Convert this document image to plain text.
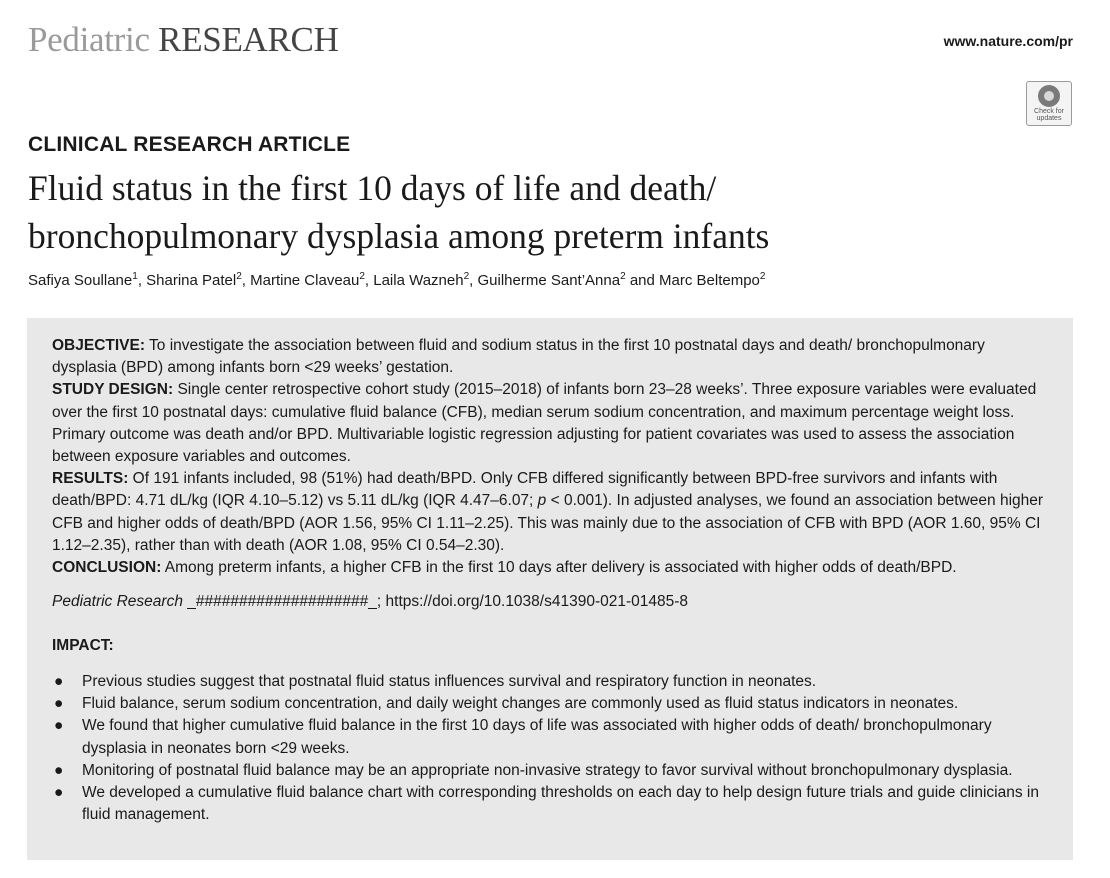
Pediatric RESEARCH	www.nature.com/pr
Check for
updates
CLINICAL RESEARCH ARTICLE
Fluid status in the first 10 days of life and death/
bronchopulmonary dysplasia among preterm infants
Safiya Soullane$^1$, Sharina Patel$^2$, Martine Claveau$^2$, Laila Wazneh$^2$, Guilherme Sant’Anna$^2$ and Marc Beltempo$^2$

OBJECTIVE: To investigate the association between fluid and sodium status in the first 10 postnatal days and death/ bronchopulmonary dysplasia (BPD) among infants born <29 weeks’ gestation.

STUDY DESIGN: Single center retrospective cohort study (2015–2018) of infants born 23–28 weeks’. Three exposure variables were evaluated over the first 10 postnatal days: cumulative fluid balance (CFB), median serum sodium concentration, and maximum percentage weight loss. Primary outcome was death and/or BPD. Multivariable logistic regression adjusting for patient covariates was used to assess the association between exposure variables and outcomes.

RESULTS: Of 191 infants included, 98 (51%) had death/BPD. Only CFB differed significantly between BPD-free survivors and infants with death/BPD: 4.71 dL/kg (IQR 4.10–5.12) vs 5.11 dL/kg (IQR 4.47–6.07; p < 0.001). In adjusted analyses, we found an association between higher CFB and higher odds of death/BPD (AOR 1.56, 95% CI 1.11–2.25). This was mainly due to the association of CFB with BPD (AOR 1.60, 95% CI 1.12–2.35), rather than with death (AOR 1.08, 95% CI 0.54–2.30).

CONCLUSION: Among preterm infants, a higher CFB in the first 10 days after delivery is associated with higher odds of death/BPD.

Pediatric Research _####################_; https://doi.org/10.1038/s41390-021-01485-8
IMPACT:
● Previous studies suggest that postnatal fluid status influences survival and respiratory function in neonates.
● Fluid balance, serum sodium concentration, and daily weight changes are commonly used as fluid status indicators in neonates.
● We found that higher cumulative fluid balance in the first 10 days of life was associated with higher odds of death/ bronchopulmonary dysplasia in neonates born <29 weeks.
● Monitoring of postnatal fluid balance may be an appropriate non-invasive strategy to favor survival without bronchopulmonary dysplasia.
● We developed a cumulative fluid balance chart with corresponding thresholds on each day to help design future trials and guide clinicians in fluid management.
